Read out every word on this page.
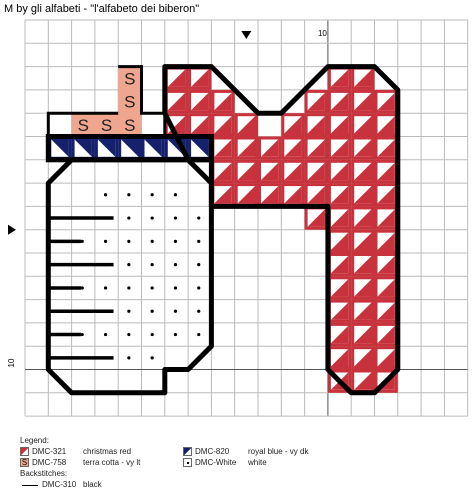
M by gli alfabeti - "l'alfabeto dei biberon"
10
10
S
S
S S S
Legend:
DMC-321 christmas red
S DMC-758 terra cotta - vy lt
DMC-820 royal blue - vy dk
DMC-White white
Backstitches:
DMC-310 black
